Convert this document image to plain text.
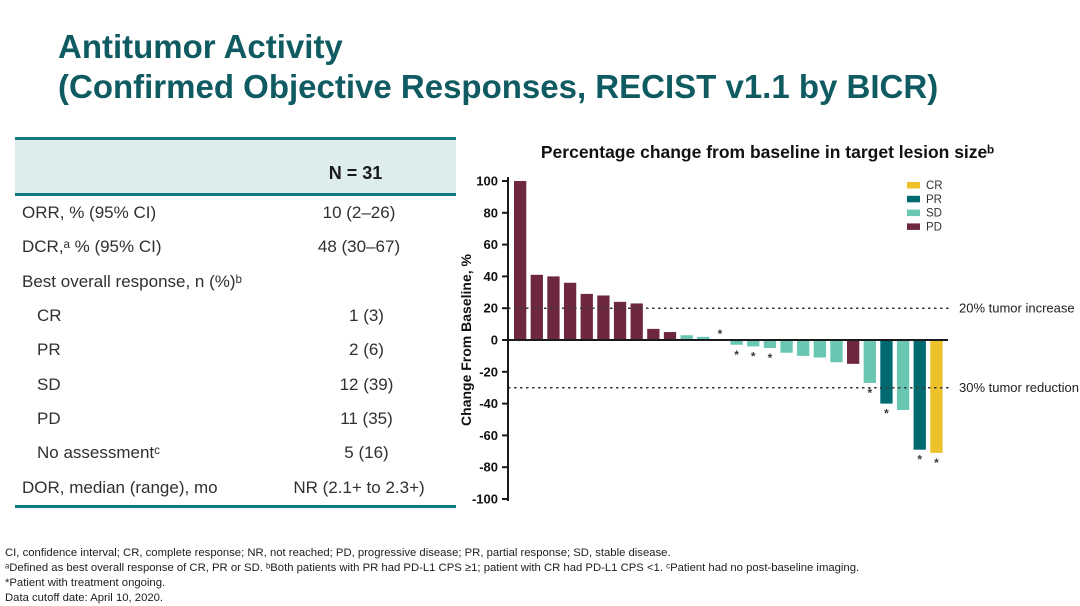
Antitumor Activity
(Confirmed Objective Responses, RECIST v1.1 by BICR)
N = 31
ORR, % (95% CI)	10 (2–26)
DCR,ᵃ % (95% CI)	48 (30–67)
Best overall response, n (%)ᵇ
CR	1 (3)
PR	2 (6)
SD	12 (39)
PD	11 (35)
No assessmentᶜ	5 (16)
DOR, median (range), mo	NR (2.1+ to 2.3+)
Percentage change from baseline in target lesion sizeᵇ
*
* * *
*
*
* *
20% tumor increase
30% tumor reduction
100
80
60
40
20
0
-20
-40
-60
-80
-100
Change From Baseline, %
CR
PR
SD
PD
CI, confidence interval; CR, complete response; NR, not reached; PD, progressive disease; PR, partial response; SD, stable disease.
ᵃDefined as best overall response of CR, PR or SD. ᵇBoth patients with PR had PD-L1 CPS ≥1; patient with CR had PD-L1 CPS <1. ᶜPatient had no post-baseline imaging.
*Patient with treatment ongoing.
Data cutoff date: April 10, 2020.
